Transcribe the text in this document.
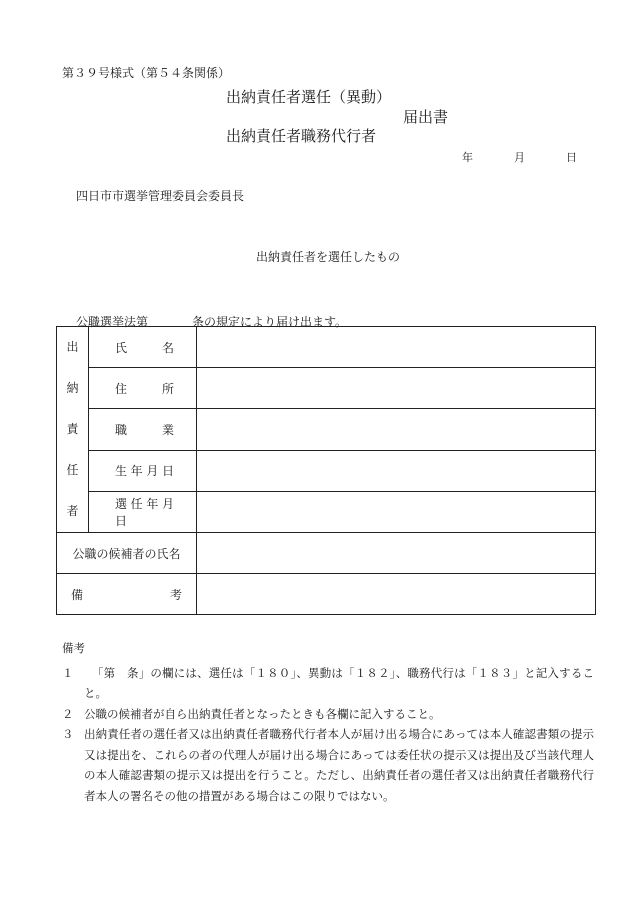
第３９号様式（第５４条関係）
出納責任者選任（異動）
届出書
出納責任者職務代行者
年	月	日
四日市市選挙管理委員会委員長
出納責任者を選任したもの
公職選挙法第	条の規定により届け出ます。
出
納
責
任
者	氏名	

	住所	

	職業	

	生年月日	

	選任年月日	

公職の候補者の氏名		

備考		

備考
１	「第　条」の欄には、選任は「１８０」、異動は「１８２」、職務代行は「１８３」と記入すること。
２ 公職の候補者が自ら出納責任者となったときも各欄に記入すること。
３ 出納責任者の選任者又は出納責任者職務代行者本人が届け出る場合にあっては本人確認書類の提示又は提出を、これらの者の代理人が届け出る場合にあっては委任状の提示又は提出及び当該代理人の本人確認書類の提示又は提出を行うこと。ただし、出納責任者の選任者又は出納責任者職務代行者本人の署名その他の措置がある場合はこの限りではない。
